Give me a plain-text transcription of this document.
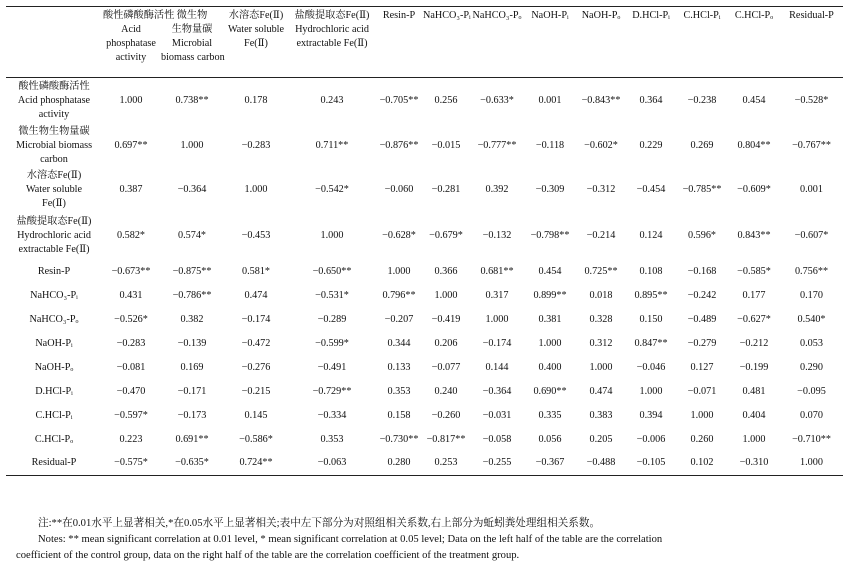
	酸性磷酸酶活性
Acid
phosphatase
activity	微生物
生物量碳
Microbial
biomass carbon	水溶态Fe(Ⅱ)
Water soluble
Fe(Ⅱ)	盐酸提取态Fe(Ⅱ)
Hydrochloric acid
extractable Fe(Ⅱ)	Resin-P	NaHCO₃-Pᵢ	NaHCO₃-Pₒ	NaOH-Pᵢ	NaOH-Pₒ	D.HCl-Pᵢ	C.HCl-Pᵢ	C.HCl-Pₒ	Residual-P

酸性磷酸酶活性
Acid phosphatase
activity	1.000	0.738**	0.178	0.243	−0.705**	0.256	−0.633*	0.001	−0.843**	0.364	−0.238	0.454	−0.528*

微生物生物量碳
Microbial biomass
carbon	0.697**	1.000	−0.283	0.711**	−0.876**	−0.015	−0.777**	−0.118	−0.602*	0.229	0.269	0.804**	−0.767**

水溶态Fe(Ⅱ)
Water soluble
Fe(Ⅱ)	0.387	−0.364	1.000	−0.542*	−0.060	−0.281	0.392	−0.309	−0.312	−0.454	−0.785**	−0.609*	0.001

盐酸提取态Fe(Ⅱ)
Hydrochloric acid
extractable Fe(Ⅱ)	0.582*	0.574*	−0.453	1.000	−0.628*	−0.679*	−0.132	−0.798**	−0.214	0.124	0.596*	0.843**	−0.607*

Resin-P	−0.673**	−0.875**	0.581*	−0.650**	1.000	0.366	0.681**	0.454	0.725**	0.108	−0.168	−0.585*	0.756**

NaHCO₃-Pᵢ	0.431	−0.786**	0.474	−0.531*	0.796**	1.000	0.317	0.899**	0.018	0.895**	−0.242	0.177	0.170

NaHCO₃-Pₒ	−0.526*	0.382	−0.174	−0.289	−0.207	−0.419	1.000	0.381	0.328	0.150	−0.489	−0.627*	0.540*

NaOH-Pᵢ	−0.283	−0.139	−0.472	−0.599*	0.344	0.206	−0.174	1.000	0.312	0.847**	−0.279	−0.212	0.053

NaOH-Pₒ	−0.081	0.169	−0.276	−0.491	0.133	−0.077	0.144	0.400	1.000	−0.046	0.127	−0.199	0.290

D.HCl-Pᵢ	−0.470	−0.171	−0.215	−0.729**	0.353	0.240	−0.364	0.690**	0.474	1.000	−0.071	0.481	−0.095

C.HCl-Pᵢ	−0.597*	−0.173	0.145	−0.334	0.158	−0.260	−0.031	0.335	0.383	0.394	1.000	0.404	0.070

C.HCl-Pₒ	0.223	0.691**	−0.586*	0.353	−0.730**	−0.817**	−0.058	0.056	0.205	−0.006	0.260	1.000	−0.710**

Residual-P	−0.575*	−0.635*	0.724**	−0.063	0.280	0.253	−0.255	−0.367	−0.488	−0.105	0.102	−0.310	1.000

注:**在0.01水平上显著相关,*在0.05水平上显著相关;表中左下部分为对照组相关系数,右上部分为蚯蚓粪处理组相关系数。

Notes: ** mean significant correlation at 0.01 level, * mean significant correlation at 0.05 level; Data on the left half of the table are the correlation

coefficient of the control group, data on the right half of the table are the correlation coefficient of the treatment group.
